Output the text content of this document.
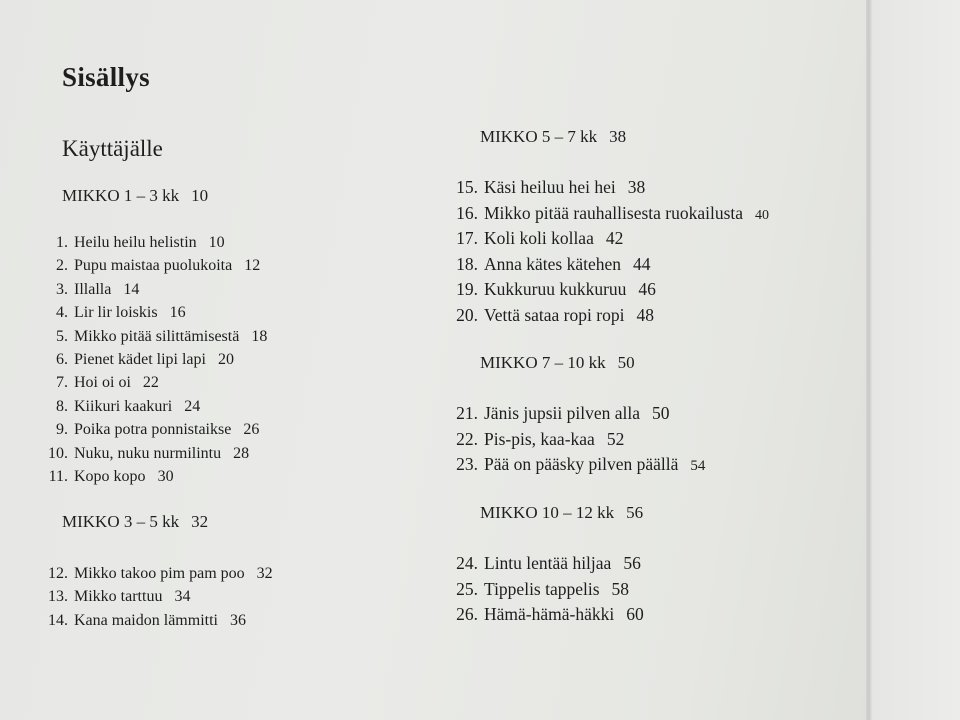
Sisällys
Käyttäjälle
MIKKO 1 – 3 kk 10
1. Heilu heilu helistin 10
2. Pupu maistaa puolukoita 12
3. Illalla 14
4. Lir lir loiskis 16
5. Mikko pitää silittämisestä 18
6. Pienet kädet lipi lapi 20
7. Hoi oi oi 22
8. Kiikuri kaakuri 24
9. Poika potra ponnistaikse 26
10. Nuku, nuku nurmilintu 28
11. Kopo kopo 30
MIKKO 3 – 5 kk 32
12. Mikko takoo pim pam poo 32
13. Mikko tarttuu 34
14. Kana maidon lämmitti 36
MIKKO 5 – 7 kk 38
15. Käsi heiluu hei hei 38
16. Mikko pitää rauhallisesta ruokailusta 40
17. Koli koli kollaa 42
18. Anna kätes kätehen 44
19. Kukkuruu kukkuruu 46
20. Vettä sataa ropi ropi 48
MIKKO 7 – 10 kk 50
21. Jänis jupsii pilven alla 50
22. Pis-pis, kaa-kaa 52
23. Pää on pääsky pilven päällä 54
MIKKO 10 – 12 kk 56
24. Lintu lentää hiljaa 56
25. Tippelis tappelis 58
26. Hämä-hämä-häkki 60
